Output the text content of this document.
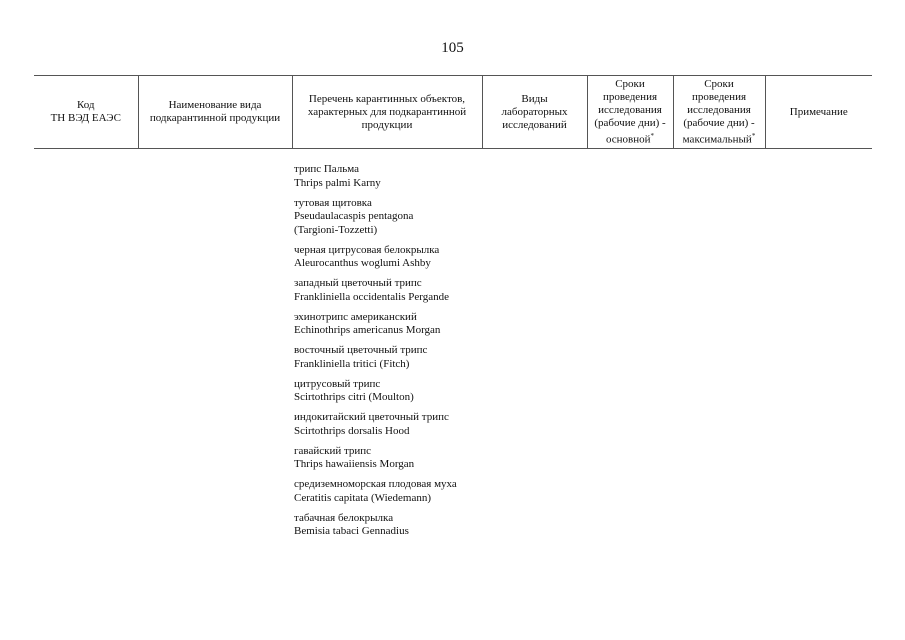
105
Код
ТН ВЭД ЕАЭС	Наименование вида
подкарантинной продукции	Перечень карантинных объектов,
характерных для подкарантинной
продукции	Виды
лабораторных
исследований	Сроки
проведения
исследования
(рабочие дни) -
основной*	Сроки
проведения
исследования
(рабочие дни) -
максимальный*	Примечание
трипс Пальма
Thrips palmi Karny
тутовая щитовка
Pseudaulacaspis pentagona
(Targioni-Tozzetti)
черная цитрусовая белокрылка
Aleurocanthus woglumi Ashby
западный цветочный трипс
Frankliniella occidentalis Pergande
эхинотрипс американский
Echinothrips americanus Morgan
восточный цветочный трипс
Frankliniella tritici (Fitch)
цитрусовый трипс
Scirtothrips citri (Moulton)
индокитайский цветочный трипс
Scirtothrips dorsalis Hood
гавайский трипс
Thrips hawaiiensis Morgan
средиземноморская плодовая муха
Ceratitis capitata (Wiedemann)
табачная белокрылка
Bemisia tabaci Gennadius
